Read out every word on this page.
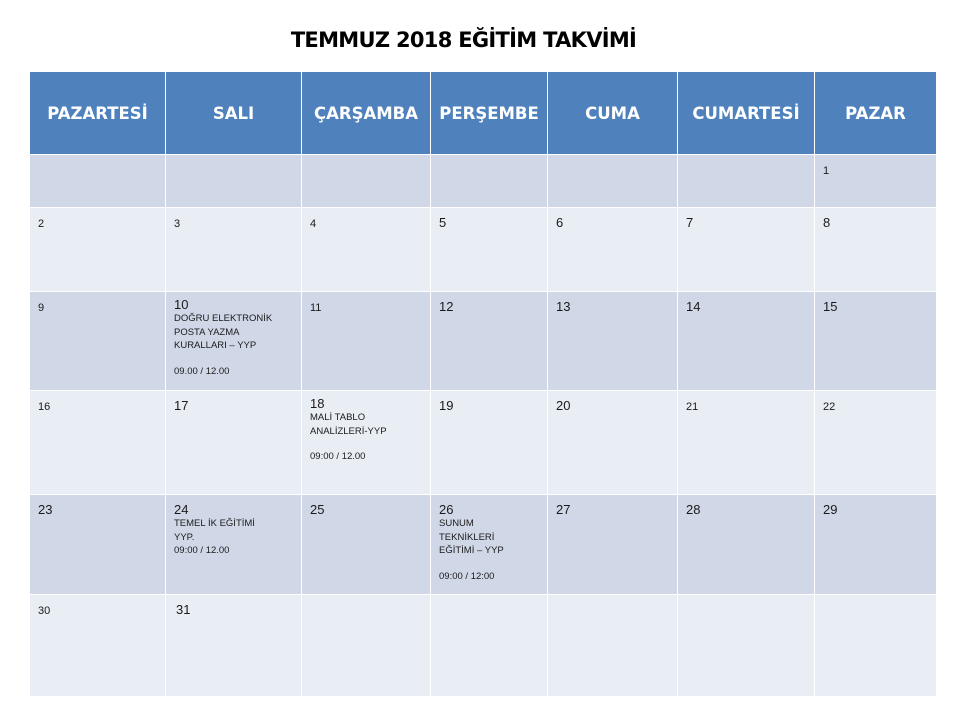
TEMMUZ 2018 EĞİTİM TAKVİMİ
PAZARTESİ	SALI	ÇARŞAMBA	PERŞEMBE	CUMA	CUMARTESİ	PAZAR

						1

2	3	4	5	6	7	8

9	10
DOĞRU ELEKTRONİK
POSTA YAZMA
KURALLARI – YYP
09.00 / 12.00	11	12	13	14	15

16	17	18
MALİ TABLO
ANALİZLERİ-YYP
09:00 / 12.00	19	20	21	22

23	24
TEMEL İK EĞİTİMİ
YYP.
09:00 / 12.00	25	26
SUNUM
TEKNİKLERİ
EĞİTİMİ – YYP
09:00 / 12:00	27	28	29

30	31					
